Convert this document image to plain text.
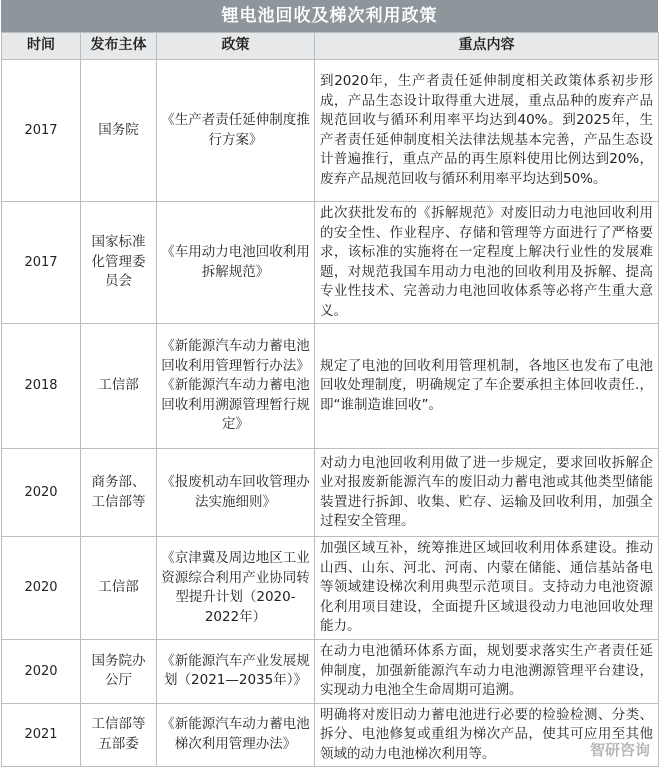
锂电池回收及梯次利用政策
时间	发布主体	政策	重点内容
2017	国务院	《生产者责任延伸制度推行方案》	到2020年，生产者责任延伸制度相关政策体系初步形成，产品生态设计取得重大进展，重点品种的废弃产品规范回收与循环利用率平均达到40%。到2025年，生产者责任延伸制度相关法律法规基本完善，产品生态设计普遍推行，重点产品的再生原料使用比例达到20%，废弃产品规范回收与循环利用率平均达到50%。
2017	国家标准化管理委员会	《车用动力电池回收利用拆解规范》	此次获批发布的《拆解规范》对废旧动力电池回收利用的安全性、作业程序、存储和管理等方面进行了严格要求，该标准的实施将在一定程度上解决行业性的发展难题，对规范我国车用动力电池的回收利用及拆解、提高专业性技术、完善动力电池回收体系等必将产生重大意义。
2018	工信部	《新能源汽车动力蓄电池回收利用管理暂行办法》《新能源汽车动力蓄电池回收利用溯源管理暂行规定》	规定了电池的回收利用管理机制，各地区也发布了电池回收处理制度，明确规定了车企要承担主体回收责任.，即“谁制造谁回收”。
2020	商务部、工信部等	《报废机动车回收管理办法实施细则》	对动力电池回收利用做了进一步规定，要求回收拆解企业对报废新能源汽车的废旧动力蓄电池或其他类型储能装置进行拆卸、收集、贮存、运输及回收利用，加强全过程安全管理。
2020	工信部	《京津冀及周边地区工业资源综合利用产业协同转型提升计划（2020-2022年）	加强区域互补，统筹推进区域回收利用体系建设。推动山西、山东、河北、河南、内蒙在储能、通信基站备电等领域建设梯次利用典型示范项目。支持动力电池资源化利用项目建设，全面提升区域退役动力电池回收处理能力。
2020	国务院办公厅	《新能源汽车产业发展规划（2021—2035年）》	在动力电池循环体系方面，规划要求落实生产者责任延伸制度，加强新能源汽车动力电池溯源管理平台建设，实现动力电池全生命周期可追溯。
2021	工信部等五部委	《新能源汽车动力蓄电池梯次利用管理办法》	明确将对废旧动力蓄电池进行必要的检验检测、分类、拆分、电池修复或重组为梯次产品，使其可应用至其他领域的动力电池梯次利用等。 智研咨询
